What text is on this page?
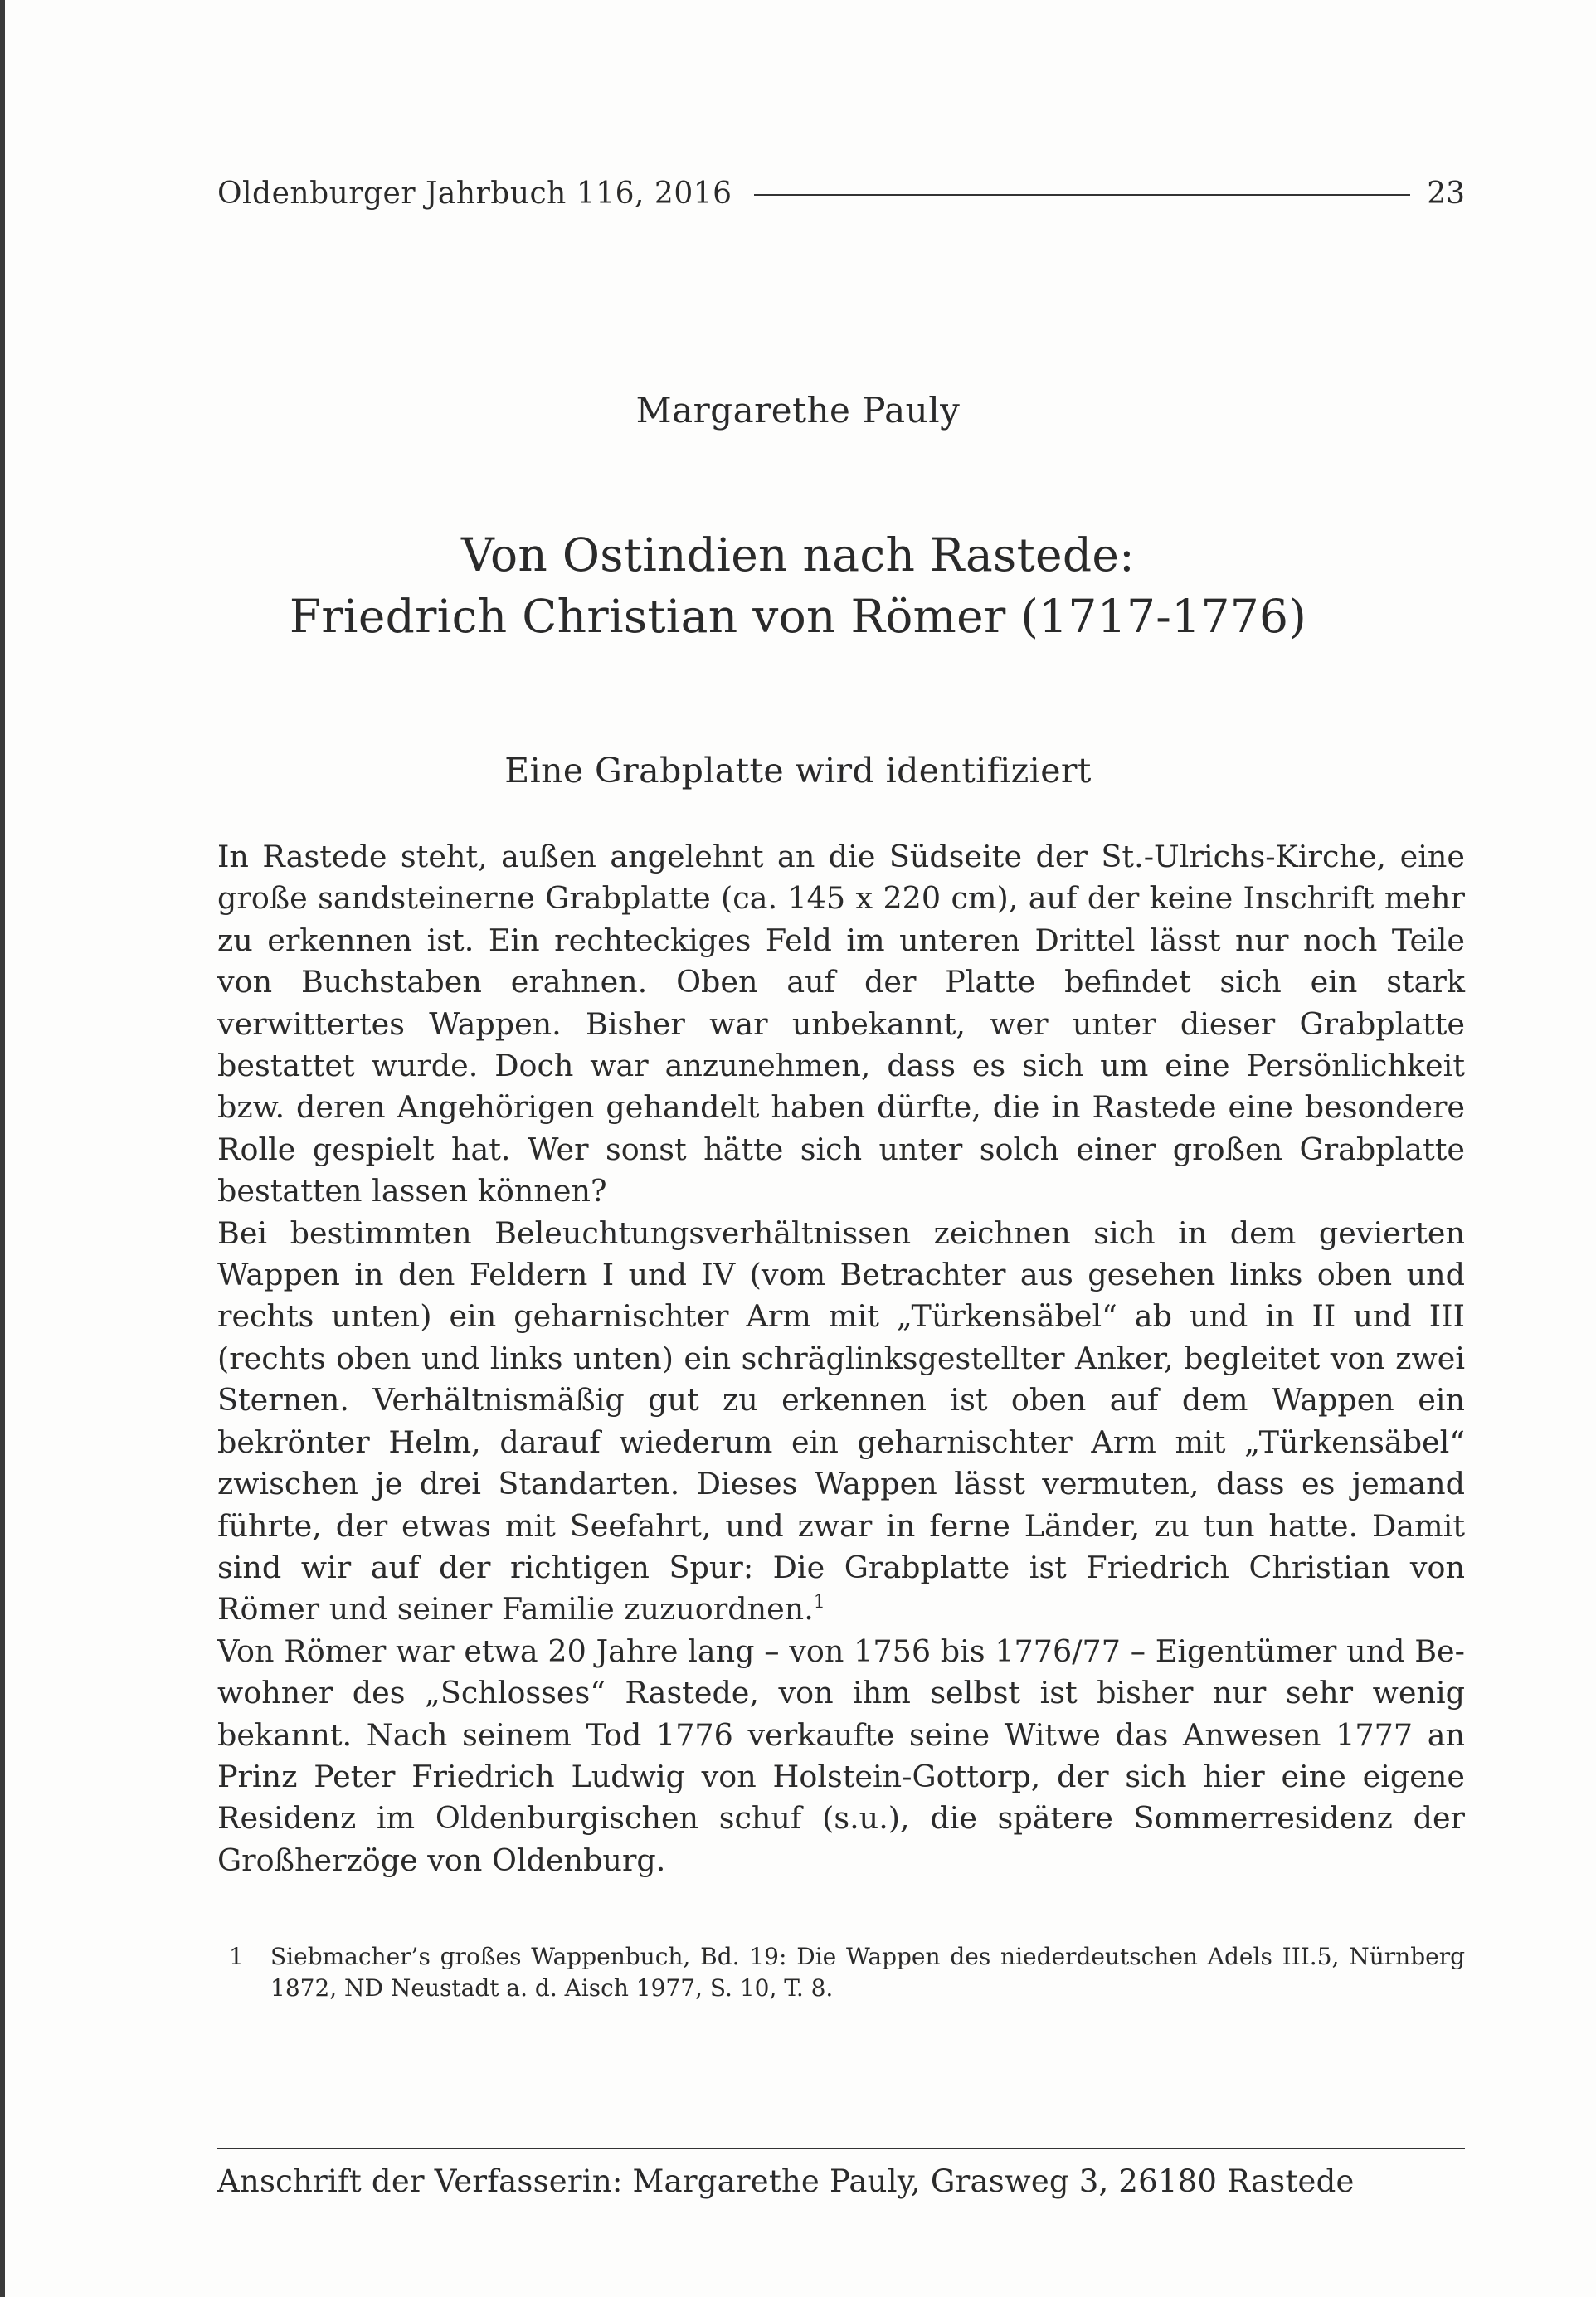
Oldenburger Jahrbuch 116, 2016	23
Margarethe Pauly
Von Ostindien nach Rastede:
Friedrich Christian von Römer (1717-1776)
Eine Grabplatte wird identifiziert

In Rastede steht, außen angelehnt an die Südseite der St.-Ulrichs-Kirche, eine große sandsteinerne Grabplatte (ca. 145 x 220 cm), auf der keine Inschrift mehr zu erkennen ist. Ein rechteckiges Feld im unteren Drittel lässt nur noch Teile von Buchstaben erahnen. Oben auf der Platte befindet sich ein stark verwittertes Wappen. Bisher war unbekannt, wer unter dieser Grabplatte bestattet wurde. Doch war anzunehmen, dass es sich um eine Persönlichkeit bzw. deren Angehörigen gehandelt haben dürfte, die in Rastede eine besondere Rolle gespielt hat. Wer sonst hätte sich unter solch einer großen Grabplatte bestatten lassen können?

Bei bestimmten Beleuchtungsverhältnissen zeichnen sich in dem gevierten Wappen in den Feldern I und IV (vom Betrachter aus gesehen links oben und rechts unten) ein geharnischter Arm mit „Türkensäbel“ ab und in II und III (rechts oben und links unten) ein schräglinksgestellter Anker, begleitet von zwei Sternen. Verhältnismäßig gut zu erkennen ist oben auf dem Wappen ein bekrönter Helm, darauf wiederum ein geharnischter Arm mit „Türkensäbel“ zwischen je drei Standarten. Dieses Wappen lässt vermuten, dass es jemand führte, der etwas mit Seefahrt, und zwar in ferne Länder, zu tun hatte. Damit sind wir auf der richtigen Spur: Die Grabplatte ist Friedrich Christian von Römer und seiner Familie zuzuordnen.$^1$

Von Römer war etwa 20 Jahre lang – von 1756 bis 1776/77 – Eigentümer und Bewohner des „Schlosses“ Rastede, von ihm selbst ist bisher nur sehr wenig bekannt. Nach seinem Tod 1776 verkaufte seine Witwe das Anwesen 1777 an Prinz Peter Friedrich Ludwig von Holstein-Gottorp, der sich hier eine eigene Residenz im Oldenburgischen schuf (s.u.), die spätere Sommerresidenz der Großherzöge von Oldenburg.

1	Siebmacher’s großes Wappenbuch, Bd. 19: Die Wappen des niederdeutschen Adels III.5, Nürnberg 1872, ND Neustadt a. d. Aisch 1977, S. 10, T. 8.
Anschrift der Verfasserin: Margarethe Pauly, Grasweg 3, 26180 Rastede
